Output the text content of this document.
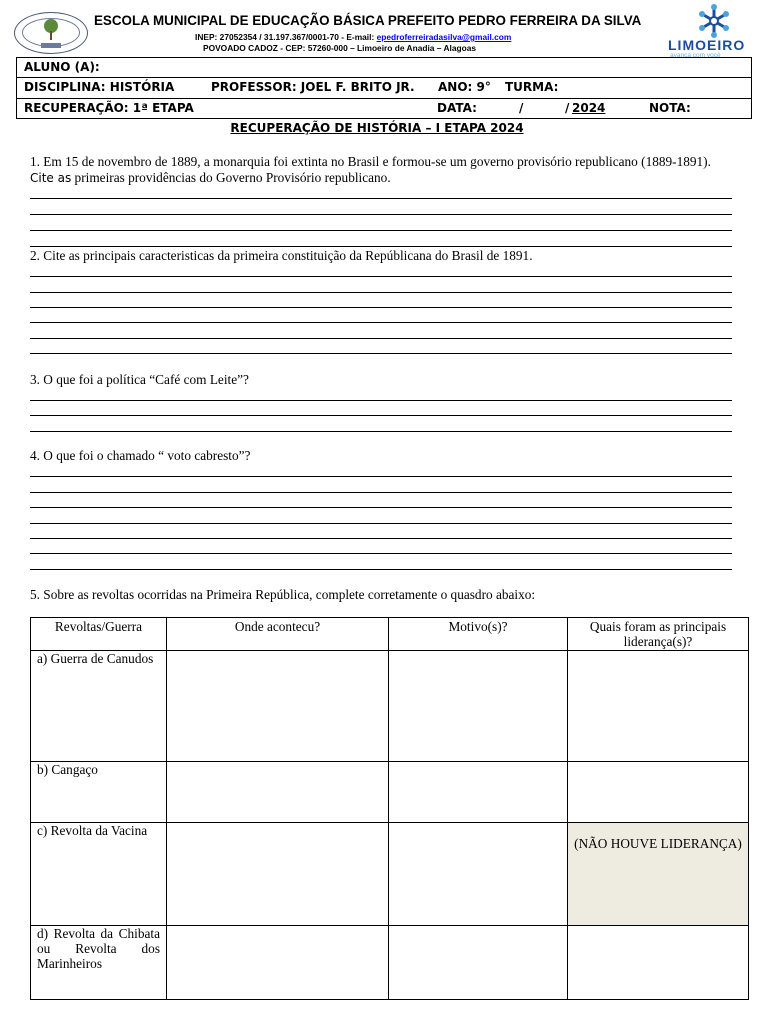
ESCOLA MUNICIPAL DE EDUCAÇÃO BÁSICA PREFEITO PEDRO FERREIRA DA SILVA
INEP: 27052354 / 31.197.367/0001-70 - E-mail: epedroferreiradasilva@gmail.com
POVOADO CADOZ - CEP: 57260-000 – Limoeiro de Anadia – Alagoas	LIMOEIRO
avança com você
ALUNO (A):
DISCIPLINA: HISTÓRIA	PROFESSOR: JOEL F. BRITO JR. ANO: 9° TURMA:
RECUPERAÇÃO: 1ª ETAPA	DATA:	/	/ 2024	NOTA:
RECUPERAÇÃO DE HISTÓRIA – I ETAPA 2024
1. Em 15 de novembro de 1889, a monarquia foi extinta no Brasil e formou-se um governo provisório republicano (1889-1891). Cite as primeiras providências do Governo Provisório republicano.
2. Cite as principais caracteristicas da primeira constituição da Repúblicana do Brasil de 1891.
3. O que foi a política “Café com Leite”?
4. O que foi o chamado “ voto cabresto”?
5. Sobre as revoltas ocorridas na Primeira República, complete corretamente o quasdro abaixo:
Revoltas/Guerra	Onde acontecu?	Motivo(s)?	Quais foram as principais liderança(s)?
a) Guerra de Canudos			
b) Cangaço			
c) Revolta da Vacina			(NÃO HOUVE LIDERANÇA)

d) Revolta da Chibata ou Revolta dos Marinheiros			
